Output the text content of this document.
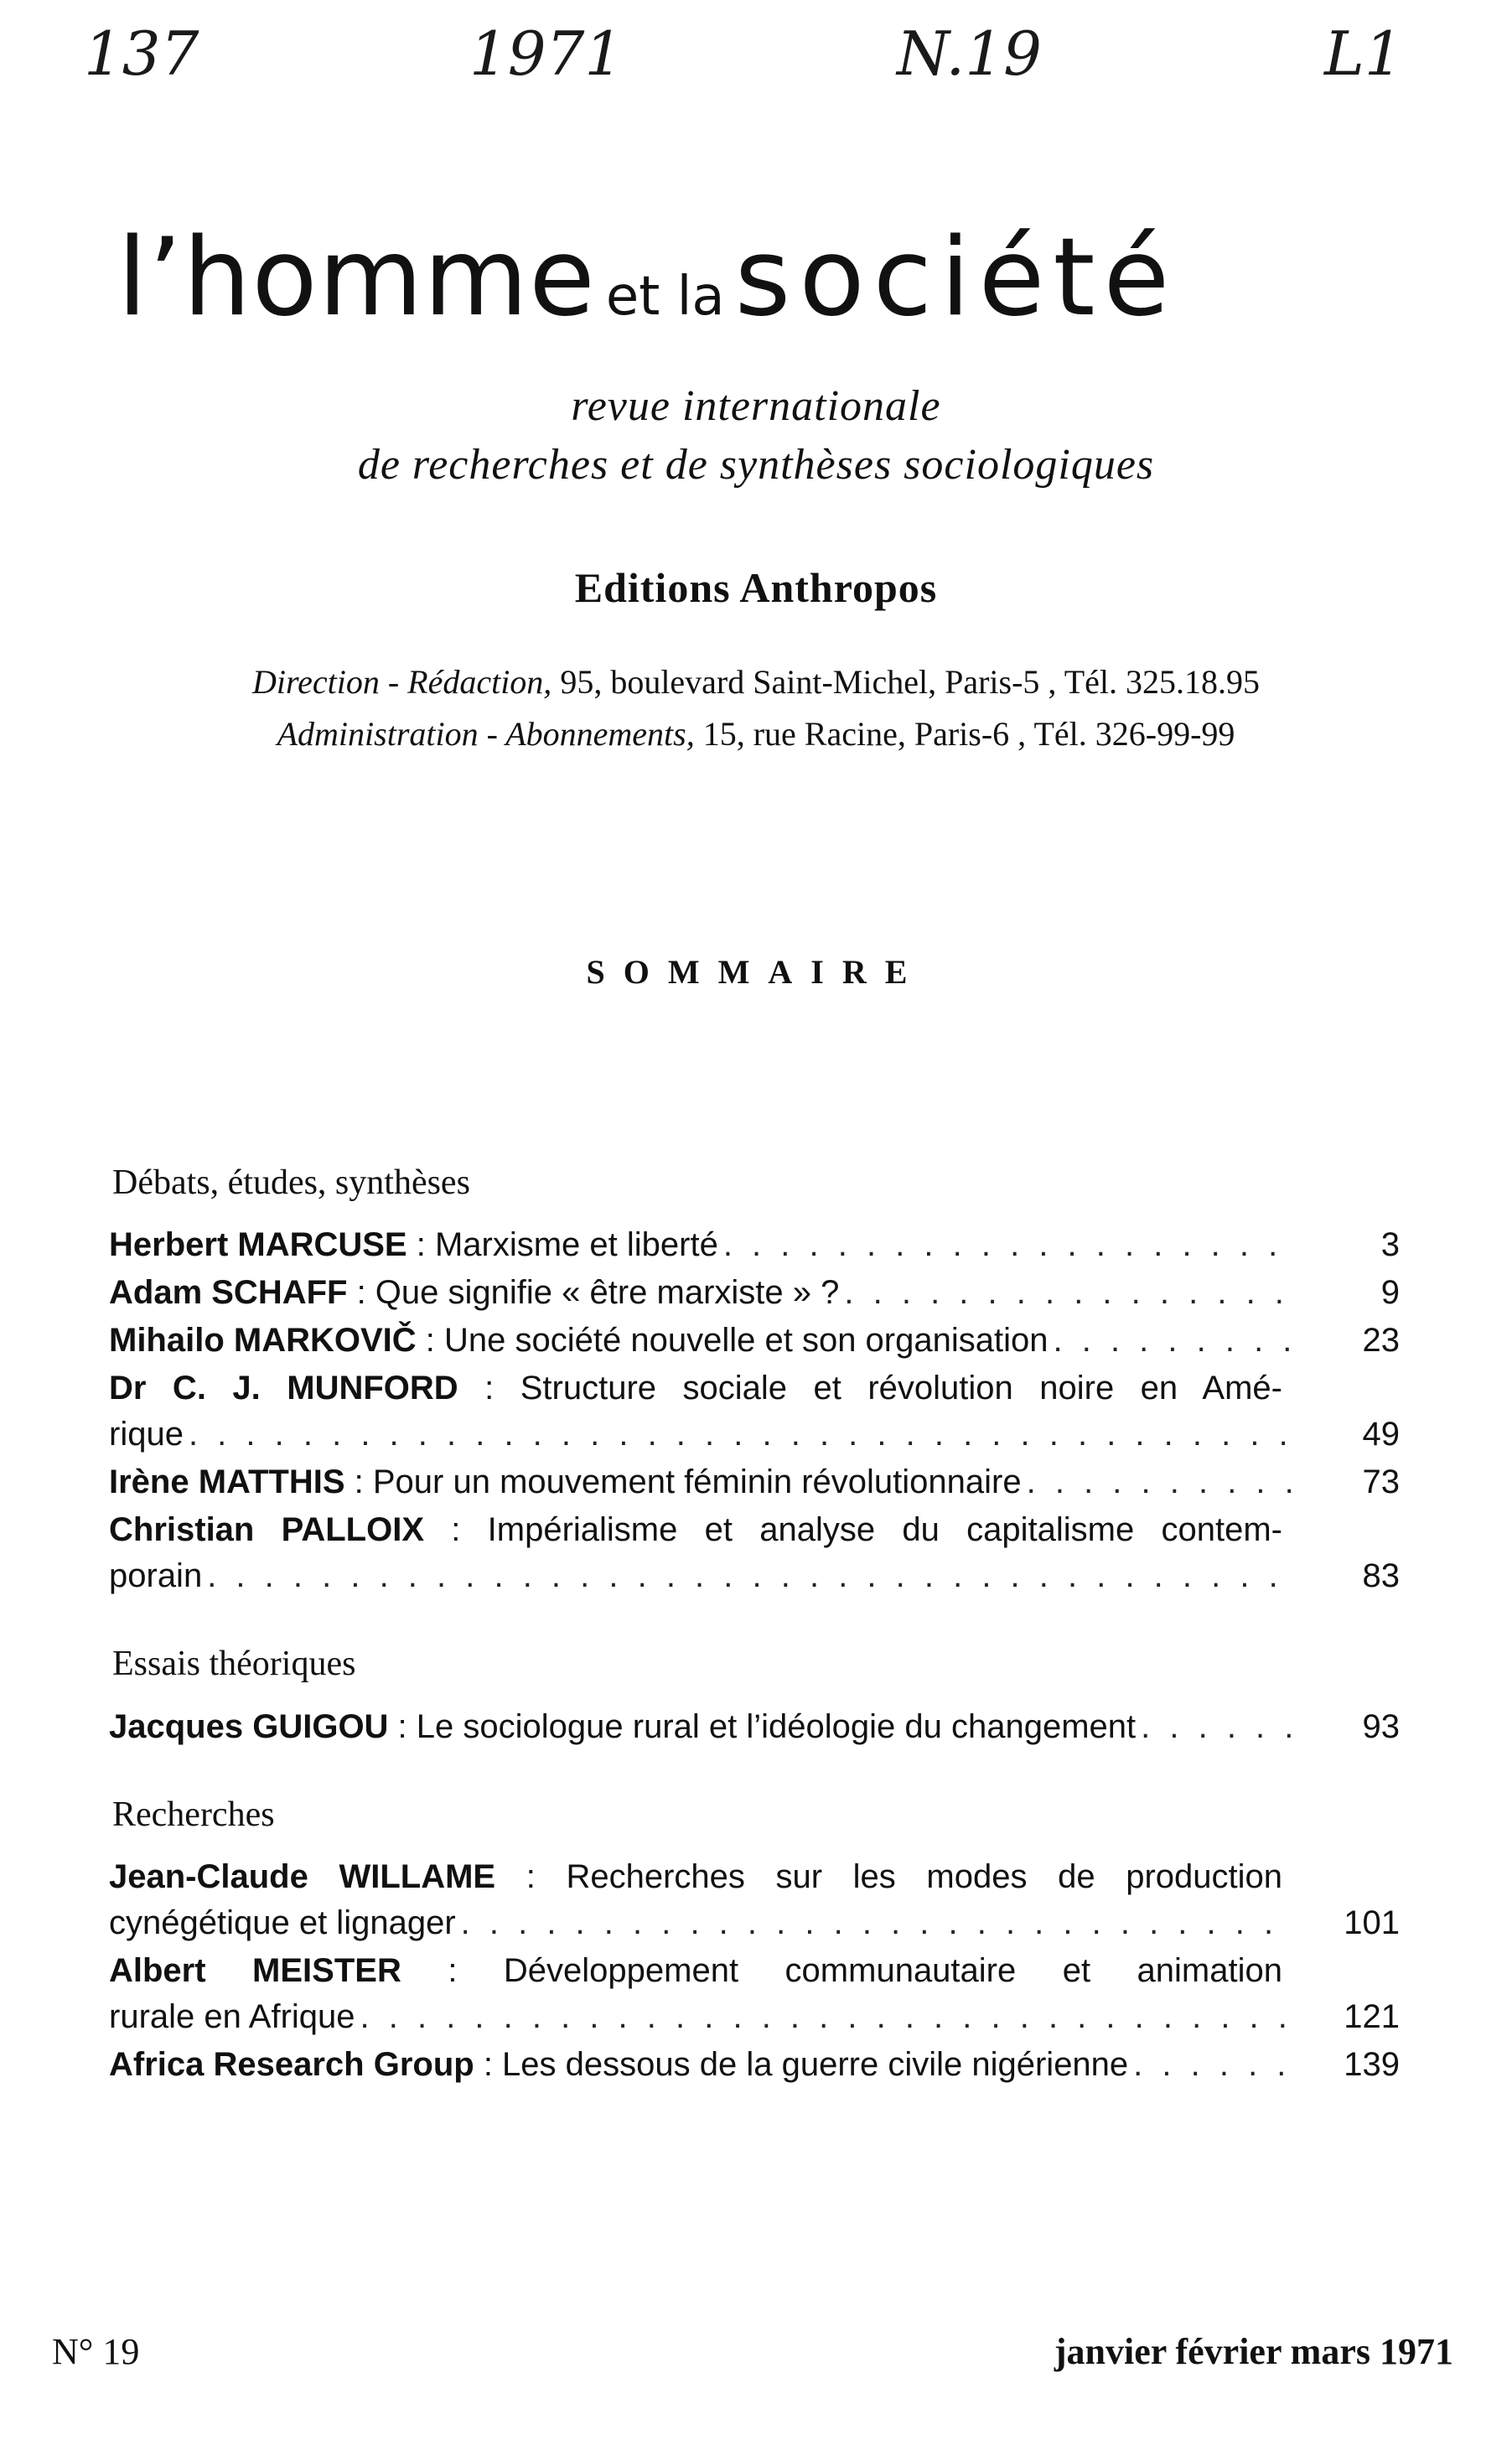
137	1971	N.19	L1
l’homme et lasociété
revue internationale
de recherches et de synthèses sociologiques
Editions Anthropos
Direction - Rédaction, 95, boulevard Saint-Michel, Paris-5 , Tél. 325.18.95
Administration - Abonnements, 15, rue Racine, Paris-6 , Tél. 326-99-99
SOMMAIRE
Débats, études, synthèses
Herbert MARCUSE : Marxisme et liberté . . .	3
Adam SCHAFF : Que signifie « être marxiste » ? . . .	9
Mihailo MARKOVIČ : Une société nouvelle et son organisation . . .	23
Dr C. J. MUNFORD : Structure sociale et révolution noire en Amé-
rique . . .	49
Irène MATTHIS : Pour un mouvement féminin révolutionnaire . . .	73
Christian PALLOIX : Impérialisme et analyse du capitalisme contem-
porain . . .	83
Essais théoriques
Jacques GUIGOU : Le sociologue rural et l’idéologie du changement . . .	93
Recherches
Jean-Claude WILLAME : Recherches sur les modes de production
cynégétique et lignager . . .	101
Albert MEISTER : Développement communautaire et animation
rurale en Afrique . . .	121
Africa Research Group : Les dessous de la guerre civile nigérienne . . .	139
N° 19	janvier février mars 1971
